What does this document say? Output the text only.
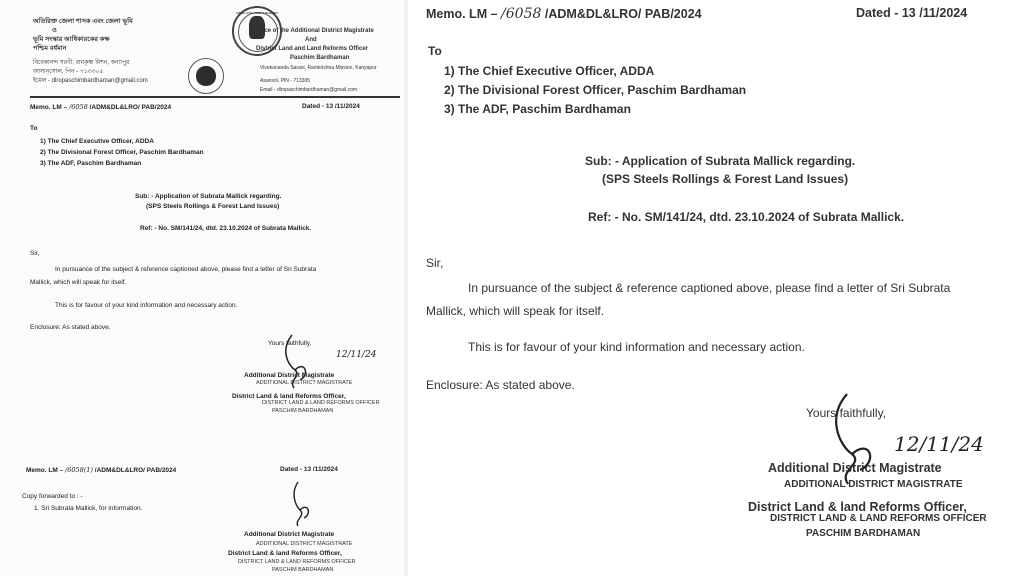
অতিরিক্ত জেলা শাসক এবং জেলা ভূমি
ও
ভূমি সংস্কার আধিকারকের কক্ষ
পশ্চিম বর্ধমান
বিবেকানন্দ সরণী, রামকৃষ্ণ মিশন, কন্যাপুর
আসানসোল, পিন - ৭১৩৩০৫
ইমেল - dlropaschimbardhaman@gmail.com
Office of the ADM & DL&LRO
Office of the Additional District Magistrate
And
District Land and Land Reforms Officer
Paschim Bardhaman
Vivekananda Sarani, Ramkrishna Mission, Kanyapur
Asansol, PIN - 713305
Email - dlropaschimbardhaman@gmail.com
Memo. LM – /6058 /ADM&DL&LRO/ PAB/2024	Dated - 13 /11/2024
To
1) The Chief Executive Officer, ADDA
2) The Divisional Forest Officer, Paschim Bardhaman
3) The ADF, Paschim Bardhaman
Sub: - Application of Subrata Mallick regarding.
(SPS Steels Rollings & Forest Land Issues)
Ref: - No. SM/141/24, dtd. 23.10.2024 of Subrata Mallick.
Sir,
In pursuance of the subject & reference captioned above, please find a letter of Sri Subrata
Mallick, which will speak for itself.
This is for favour of your kind information and necessary action.
Enclosure: As stated above.
Yours faithfully,
12/11/24
Additional District Magistrate
ADDITIONAL DISTRICT MAGISTRATE
District Land & land Reforms Officer,
DISTRICT LAND & LAND REFORMS OFFICER
PASCHIM BARDHAMAN
Memo. LM – /6058(1) /ADM&DL&LRO/ PAB/2024	Dated - 13 /11/2024
Copy forwarded to : -
1. Sri Subrata Mallick, for information.
Additional District Magistrate
ADDITIONAL DISTRICT MAGISTRATE
District Land & land Reforms Officer,
DISTRICT LAND & LAND REFORMS OFFICER
PASCHIM BARDHAMAN
Memo. LM – /6058 /ADM&DL&LRO/ PAB/2024	Dated - 13 /11/2024
To
1) The Chief Executive Officer, ADDA
2) The Divisional Forest Officer, Paschim Bardhaman
3) The ADF, Paschim Bardhaman
Sub: - Application of Subrata Mallick regarding.
(SPS Steels Rollings & Forest Land Issues)
Ref: - No. SM/141/24, dtd. 23.10.2024 of Subrata Mallick.
Sir,
In pursuance of the subject & reference captioned above, please find a letter of Sri Subrata
Mallick, which will speak for itself.
This is for favour of your kind information and necessary action.
Enclosure: As stated above.
Yours faithfully,
12/11/24
Additional District Magistrate
ADDITIONAL DISTRICT MAGISTRATE
District Land & land Reforms Officer,
DISTRICT LAND & LAND REFORMS OFFICER
PASCHIM BARDHAMAN
